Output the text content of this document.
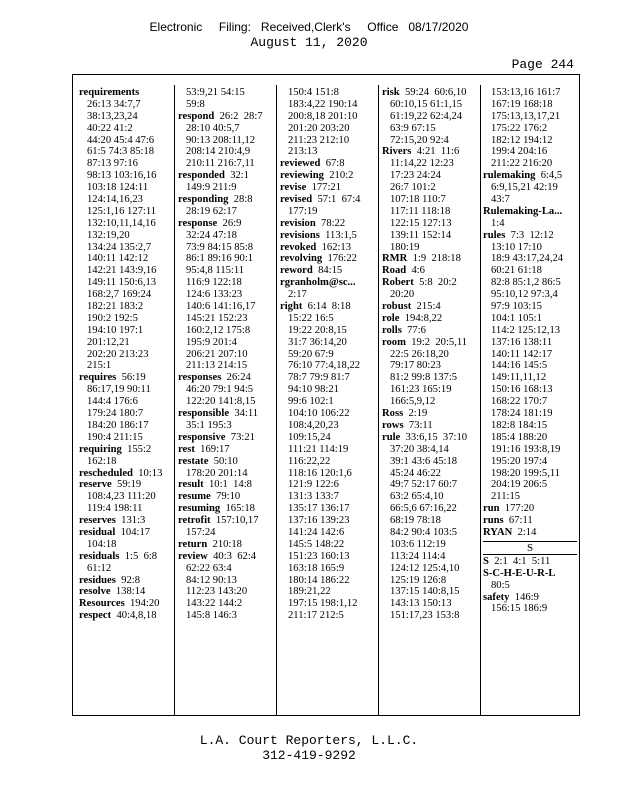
Electronic     Filing:   Received,Clerk's     Office   08/17/2020
August 11, 2020
Page 244
requirements
26:13 34:7,7
38:13,23,24
40:22 41:2
44:20 45:4 47:6
61:5 74:3 85:18
87:13 97:16
98:13 103:16,16
103:18 124:11
124:14,16,23
125:1,16 127:11
132:10,11,14,16
132:19,20
134:24 135:2,7
140:11 142:12
142:21 143:9,16
149:11 150:6,13
168:2,7 169:24
182:21 183:2
190:2 192:5
194:10 197:1
201:12,21
202:20 213:23
215:1
requires  56:19
86:17,19 90:11
144:4 176:6
179:24 180:7
184:20 186:17
190:4 211:15
requiring  155:2
162:18
rescheduled  10:13
reserve  59:19
108:4,23 111:20
119:4 198:11
reserves  131:3
residual  104:17
104:18
residuals  1:5  6:8
61:12
residues  92:8
resolve  138:14
Resources  194:20
respect  40:4,8,18
53:9,21 54:15
59:8
respond  26:2  28:7
28:10 40:5,7
90:13 208:11,12
208:14 210:4,9
210:11 216:7,11
responded  32:1
149:9 211:9
responding  28:8
28:19 62:17
response  26:9
32:24 47:18
73:9 84:15 85:8
86:1 89:16 90:1
95:4,8 115:11
116:9 122:18
124:6 133:23
140:6 141:16,17
145:21 152:23
160:2,12 175:8
195:9 201:4
206:21 207:10
211:13 214:15
responses  26:24
46:20 79:1 94:5
122:20 141:8,15
responsible  34:11
35:1 195:3
responsive  73:21
rest  169:17
restate  50:10
178:20 201:14
result  10:1  14:8
resume  79:10
resuming  165:18
retrofit  157:10,17
157:24
return  210:18
review  40:3  62:4
62:22 63:4
84:12 90:13
112:23 143:20
143:22 144:2
145:8 146:3
150:4 151:8
183:4,22 190:14
200:8,18 201:10
201:20 203:20
211:23 212:10
213:13
reviewed  67:8
reviewing  210:2
revise  177:21
revised  57:1  67:4
177:19
revision  78:22
revisions  113:1,5
revoked  162:13
revolving  176:22
reword  84:15
rgranholm@sc...
2:17
right  6:14  8:18
15:22 16:5
19:22 20:8,15
31:7 36:14,20
59:20 67:9
76:10 77:4,18,22
78:7 79:9 81:7
94:10 98:21
99:6 102:1
104:10 106:22
108:4,20,23
109:15,24
111:21 114:19
116:22,22
118:16 120:1,6
121:9 122:6
131:3 133:7
135:17 136:17
137:16 139:23
141:24 142:6
145:5 148:22
151:23 160:13
163:18 165:9
180:14 186:22
189:21,22
197:15 198:1,12
211:17 212:5
risk  59:24  60:6,10
60:10,15 61:1,15
61:19,22 62:4,24
63:9 67:15
72:15,20 92:4
Rivers  4:21  11:6
11:14,22 12:23
17:23 24:24
26:7 101:2
107:18 110:7
117:11 118:18
122:15 127:13
139:11 152:14
180:19
RMR  1:9  218:18
Road  4:6
Robert  5:8  20:2
20:20
robust  215:4
role  194:8,22
rolls  77:6
room  19:2  20:5,11
22:5 26:18,20
79:17 80:23
81:2 99:8 137:5
161:23 165:19
166:5,9,12
Ross  2:19
rows  73:11
rule  33:6,15  37:10
37:20 38:4,14
39:1 43:6 45:18
45:24 46:22
49:7 52:17 60:7
63:2 65:4,10
66:5,6 67:16,22
68:19 78:18
84:2 90:4 103:5
103:6 112:19
113:24 114:4
124:12 125:4,10
125:19 126:8
137:15 140:8,15
143:13 150:13
151:17,23 153:8
153:13,16 161:7
167:19 168:18
175:13,13,17,21
175:22 176:2
182:12 194:12
199:4 204:16
211:22 216:20
rulemaking  6:4,5
6:9,15,21 42:19
43:7
Rulemaking-La...
1:4
rules  7:3  12:12
13:10 17:10
18:9 43:17,24,24
60:21 61:18
82:8 85:1,2 86:5
95:10,12 97:3,4
97:9 103:15
104:1 105:1
114:2 125:12,13
137:16 138:11
140:11 142:17
144:16 145:5
149:11,11,12
150:16 168:13
168:22 170:7
178:24 181:19
182:8 184:15
185:4 188:20
191:16 193:8,19
195:20 197:4
198:20 199:5,11
204:19 206:5
211:15
run  177:20
runs  67:11
RYAN  2:14
S
S  2:1  4:1  5:11
S-C-H-E-U-R-L
80:5
safety  146:9
156:15 186:9
L.A. Court Reporters, L.L.C.
312-419-9292
